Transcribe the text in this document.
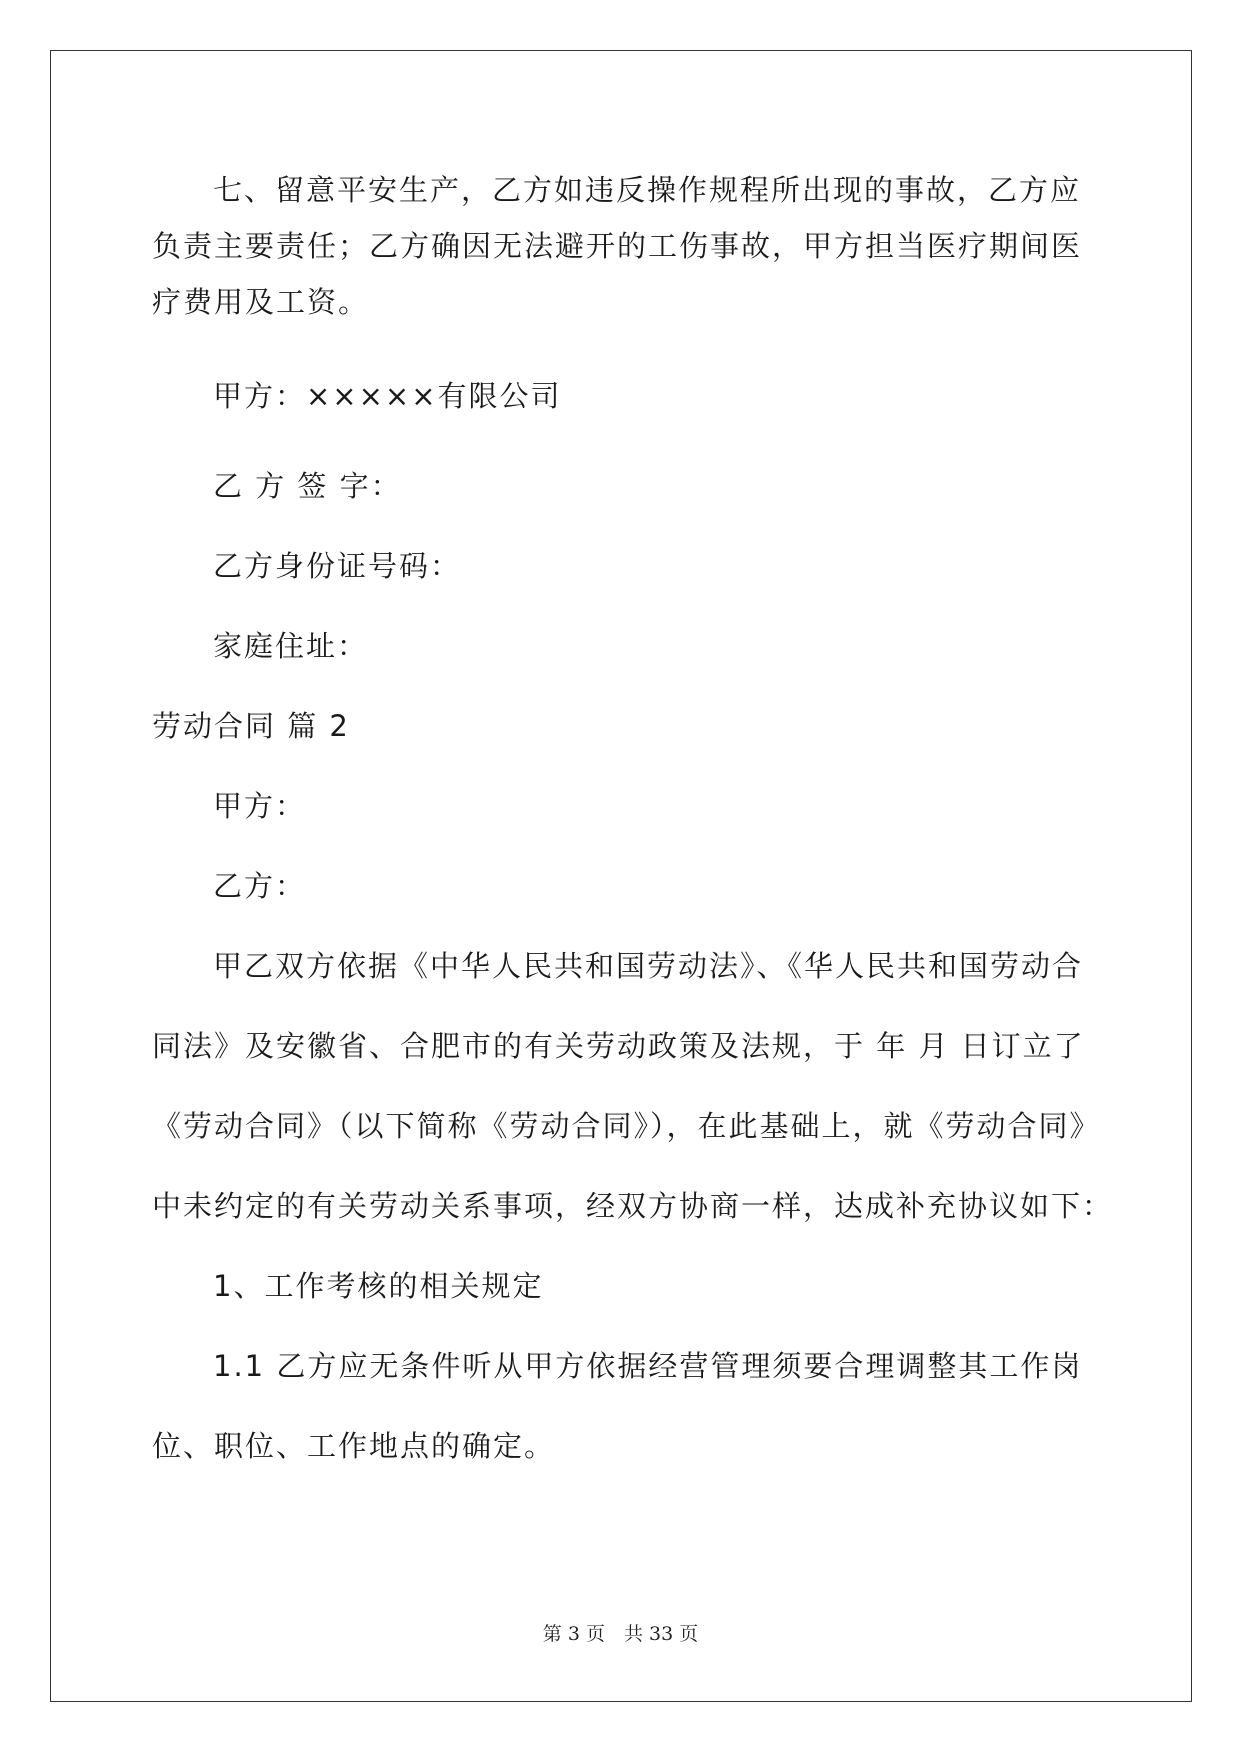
七、留意平安生产，乙方如违反操作规程所出现的事故，乙方应
负责主要责任；乙方确因无法避开的工伤事故，甲方担当医疗期间医
疗费用及工资。
甲方：×××××有限公司
乙 方 签 字：
乙方身份证号码：
家庭住址：
劳动合同 篇 2
甲方：
乙方：
甲乙双方依据《中华人民共和国劳动法》、《华人民共和国劳动合
同法》及安徽省、合肥市的有关劳动政策及法规，于 年 月 日订立了
《劳动合同》（以下简称《劳动合同》），在此基础上，就《劳动合同》
中未约定的有关劳动关系事项，经双方协商一样，达成补充协议如下：
1、工作考核的相关规定
1.1 乙方应无条件听从甲方依据经营管理须要合理调整其工作岗
位、职位、工作地点的确定。
第 3 页　共 33 页
